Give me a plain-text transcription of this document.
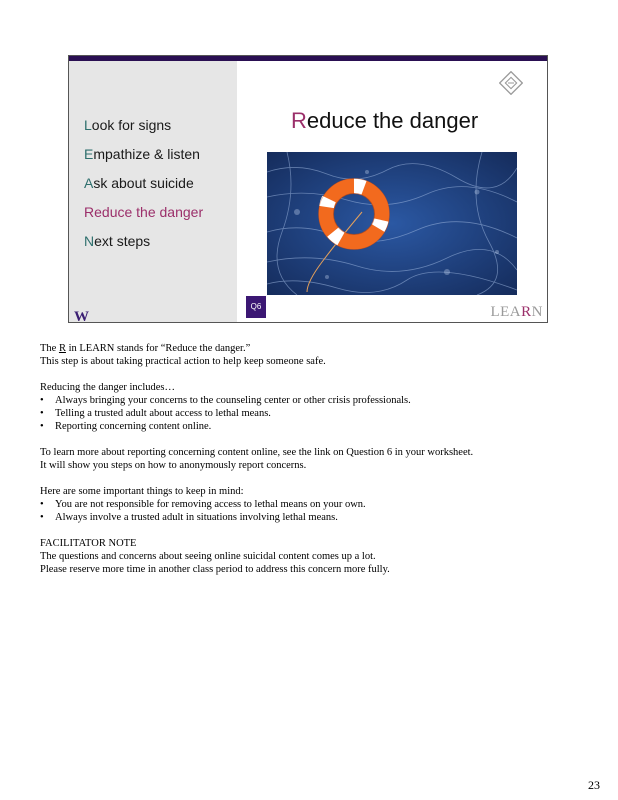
Look for signs
Empathize & listen
Ask about suicide
Reduce the danger
Next steps
W
Reduce the danger
Q6	LEARN

The R in LEARN stands for “Reduce the danger.”
This step is about taking practical action to help keep someone safe.

Reducing the danger includes…

• Always bringing your concerns to the counseling center or other crisis professionals.
• Telling a trusted adult about access to lethal means.
• Reporting concerning content online.

To learn more about reporting concerning content online, see the link on Question 6 in your worksheet.
It will show you steps on how to anonymously report concerns.

Here are some important things to keep in mind:

• You are not responsible for removing access to lethal means on your own.
• Always involve a trusted adult in situations involving lethal means.

FACILITATOR NOTE
The questions and concerns about seeing online suicidal content comes up a lot.
Please reserve more time in another class period to address this concern more fully.

23
